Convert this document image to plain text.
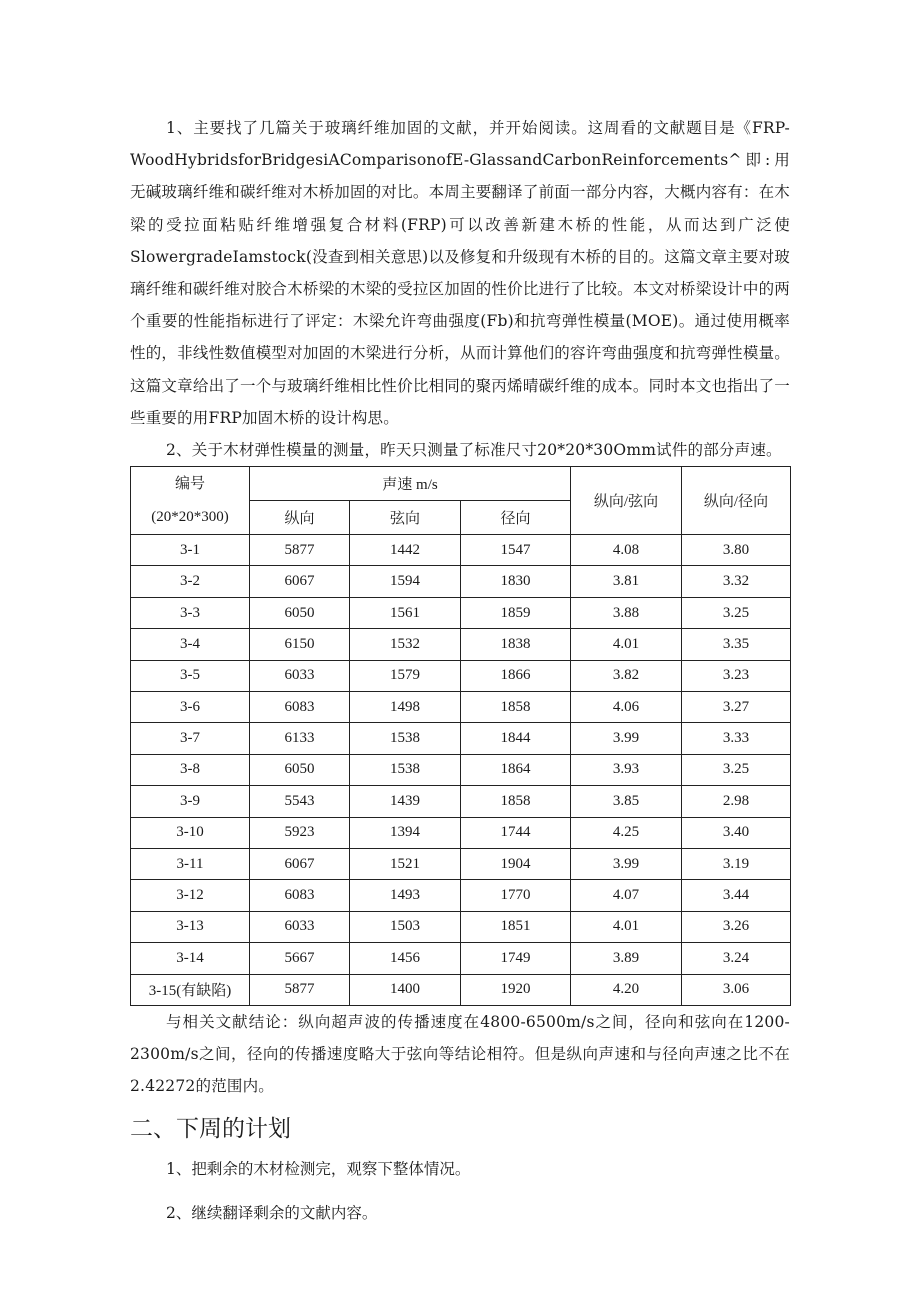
1、主要找了几篇关于玻璃纤维加固的文献，并开始阅读。这周看的文献题目是《FRP-WoodHybridsforBridgesiAComparisonofE-GlassandCarbonReinforcements^即:用无碱玻璃纤维和碳纤维对木桥加固的对比。本周主要翻译了前面一部分内容，大概内容有：在木梁的受拉面粘贴纤维增强复合材料(FRP)可以改善新建木桥的性能，从而达到广泛使SlowergradeIamstock(没查到相关意思)以及修复和升级现有木桥的目的。这篇文章主要对玻璃纤维和碳纤维对胶合木桥梁的木梁的受拉区加固的性价比进行了比较。本文对桥梁设计中的两个重要的性能指标进行了评定：木梁允许弯曲强度(Fb)和抗弯弹性模量(MOE)。通过使用概率性的，非线性数值模型对加固的木梁进行分析，从而计算他们的容许弯曲强度和抗弯弹性模量。这篇文章给出了一个与玻璃纤维相比性价比相同的聚丙烯晴碳纤维的成本。同时本文也指出了一些重要的用FRP加固木桥的设计构思。

2、关于木材弹性模量的测量，昨天只测量了标准尺寸20*20*30Omm试件的部分声速。

编号
(20*20*300)	声速 m/s			纵向/弦向	纵向/径向
	纵向	弦向	径向		
3-1	5877	1442	1547	4.08	3.80
3-2	6067	1594	1830	3.81	3.32
3-3	6050	1561	1859	3.88	3.25
3-4	6150	1532	1838	4.01	3.35
3-5	6033	1579	1866	3.82	3.23
3-6	6083	1498	1858	4.06	3.27
3-7	6133	1538	1844	3.99	3.33
3-8	6050	1538	1864	3.93	3.25
3-9	5543	1439	1858	3.85	2.98
3-10	5923	1394	1744	4.25	3.40
3-11	6067	1521	1904	3.99	3.19
3-12	6083	1493	1770	4.07	3.44
3-13	6033	1503	1851	4.01	3.26
3-14	5667	1456	1749	3.89	3.24
3-15(有缺陷)	5877	1400	1920	4.20	3.06

与相关文献结论：纵向超声波的传播速度在4800-6500m∕s之间，径向和弦向在1200-2300m∕s之间，径向的传播速度略大于弦向等结论相符。但是纵向声速和与径向声速之比不在2.42272的范围内。

二、下周的计划

1、把剩余的木材检测完，观察下整体情况。

2、继续翻译剩余的文献内容。
